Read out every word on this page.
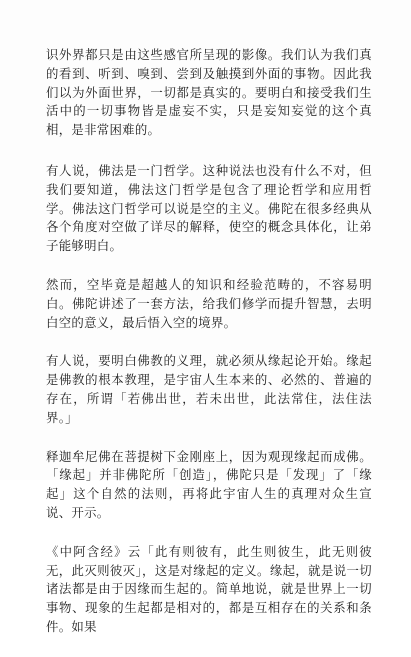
识外界都只是由这些感官所呈现的影像。我们认为我们真的看到、听到、嗅到、尝到及触摸到外面的事物。因此我们以为外面世界，一切都是真实的。要明白和接受我们生活中的一切事物皆是虚妄不实，只是妄知妄觉的这个真相，是非常困难的。

有人说，佛法是一门哲学。这种说法也没有什么不对，但我们要知道，佛法这门哲学是包含了理论哲学和应用哲学。佛法这门哲学可以说是空的主义。佛陀在很多经典从各个角度对空做了详尽的解释，使空的概念具体化，让弟子能够明白。

然而，空毕竟是超越人的知识和经验范畴的，不容易明白。佛陀讲述了一套方法，给我们修学而提升智慧，去明白空的意义，最后悟入空的境界。

有人说，要明白佛教的义理，就必须从缘起论开始。缘起是佛教的根本教理，是宇宙人生本来的、必然的、普遍的存在，所谓「若佛出世，若未出世，此法常住，法住法界。」

释迦牟尼佛在菩提树下金刚座上，因为观现缘起而成佛。「缘起」并非佛陀所「创造」，佛陀只是「发现」了「缘起」这个自然的法则，再将此宇宙人生的真理对众生宣说、开示。

《中阿含经》云「此有则彼有，此生则彼生，此无则彼无，此灭则彼灭」，这是对缘起的定义。缘起，就是说一切诸法都是由于因缘而生起的。简单地说，就是世界上一切事物、现象的生起都是相对的，都是互相存在的关系和条件。如果
